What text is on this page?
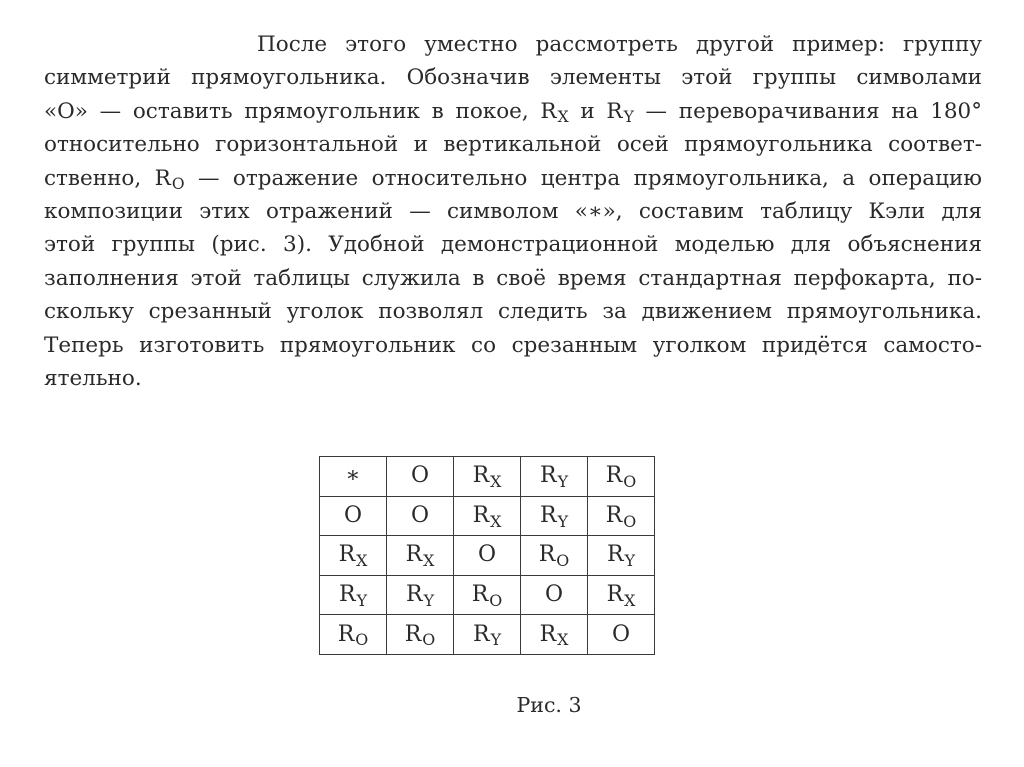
После этого уместно рассмотреть другой пример: группу
симметрий прямоугольника. Обозначив элементы этой группы символами
«O» — оставить прямоугольник в покое, $R_X$ и $R_Y$ — переворачивания на 180°
относительно горизонтальной и вертикальной осей прямоугольника соответ-
ственно, $R_O$ — отражение относительно центра прямоугольника, а операцию
композиции этих отражений — символом «∗», составим таблицу Кэли для
этой группы (рис. 3). Удобной демонстрационной моделью для объяснения
заполнения этой таблицы служила в своё время стандартная перфокарта, по-
скольку срезанный уголок позволял следить за движением прямоугольника.
Теперь изготовить прямоугольник со срезанным уголком придётся самосто-
ятельно.
∗	O	$R_X$	$R_Y$	$R_O$
O	O	$R_X$	$R_Y$	$R_O$
$R_X$	$R_X$	O	$R_O$	$R_Y$
$R_Y$	$R_Y$	$R_O$	O	$R_X$
$R_O$	$R_O$	$R_Y$	$R_X$	O
Рис. 3
